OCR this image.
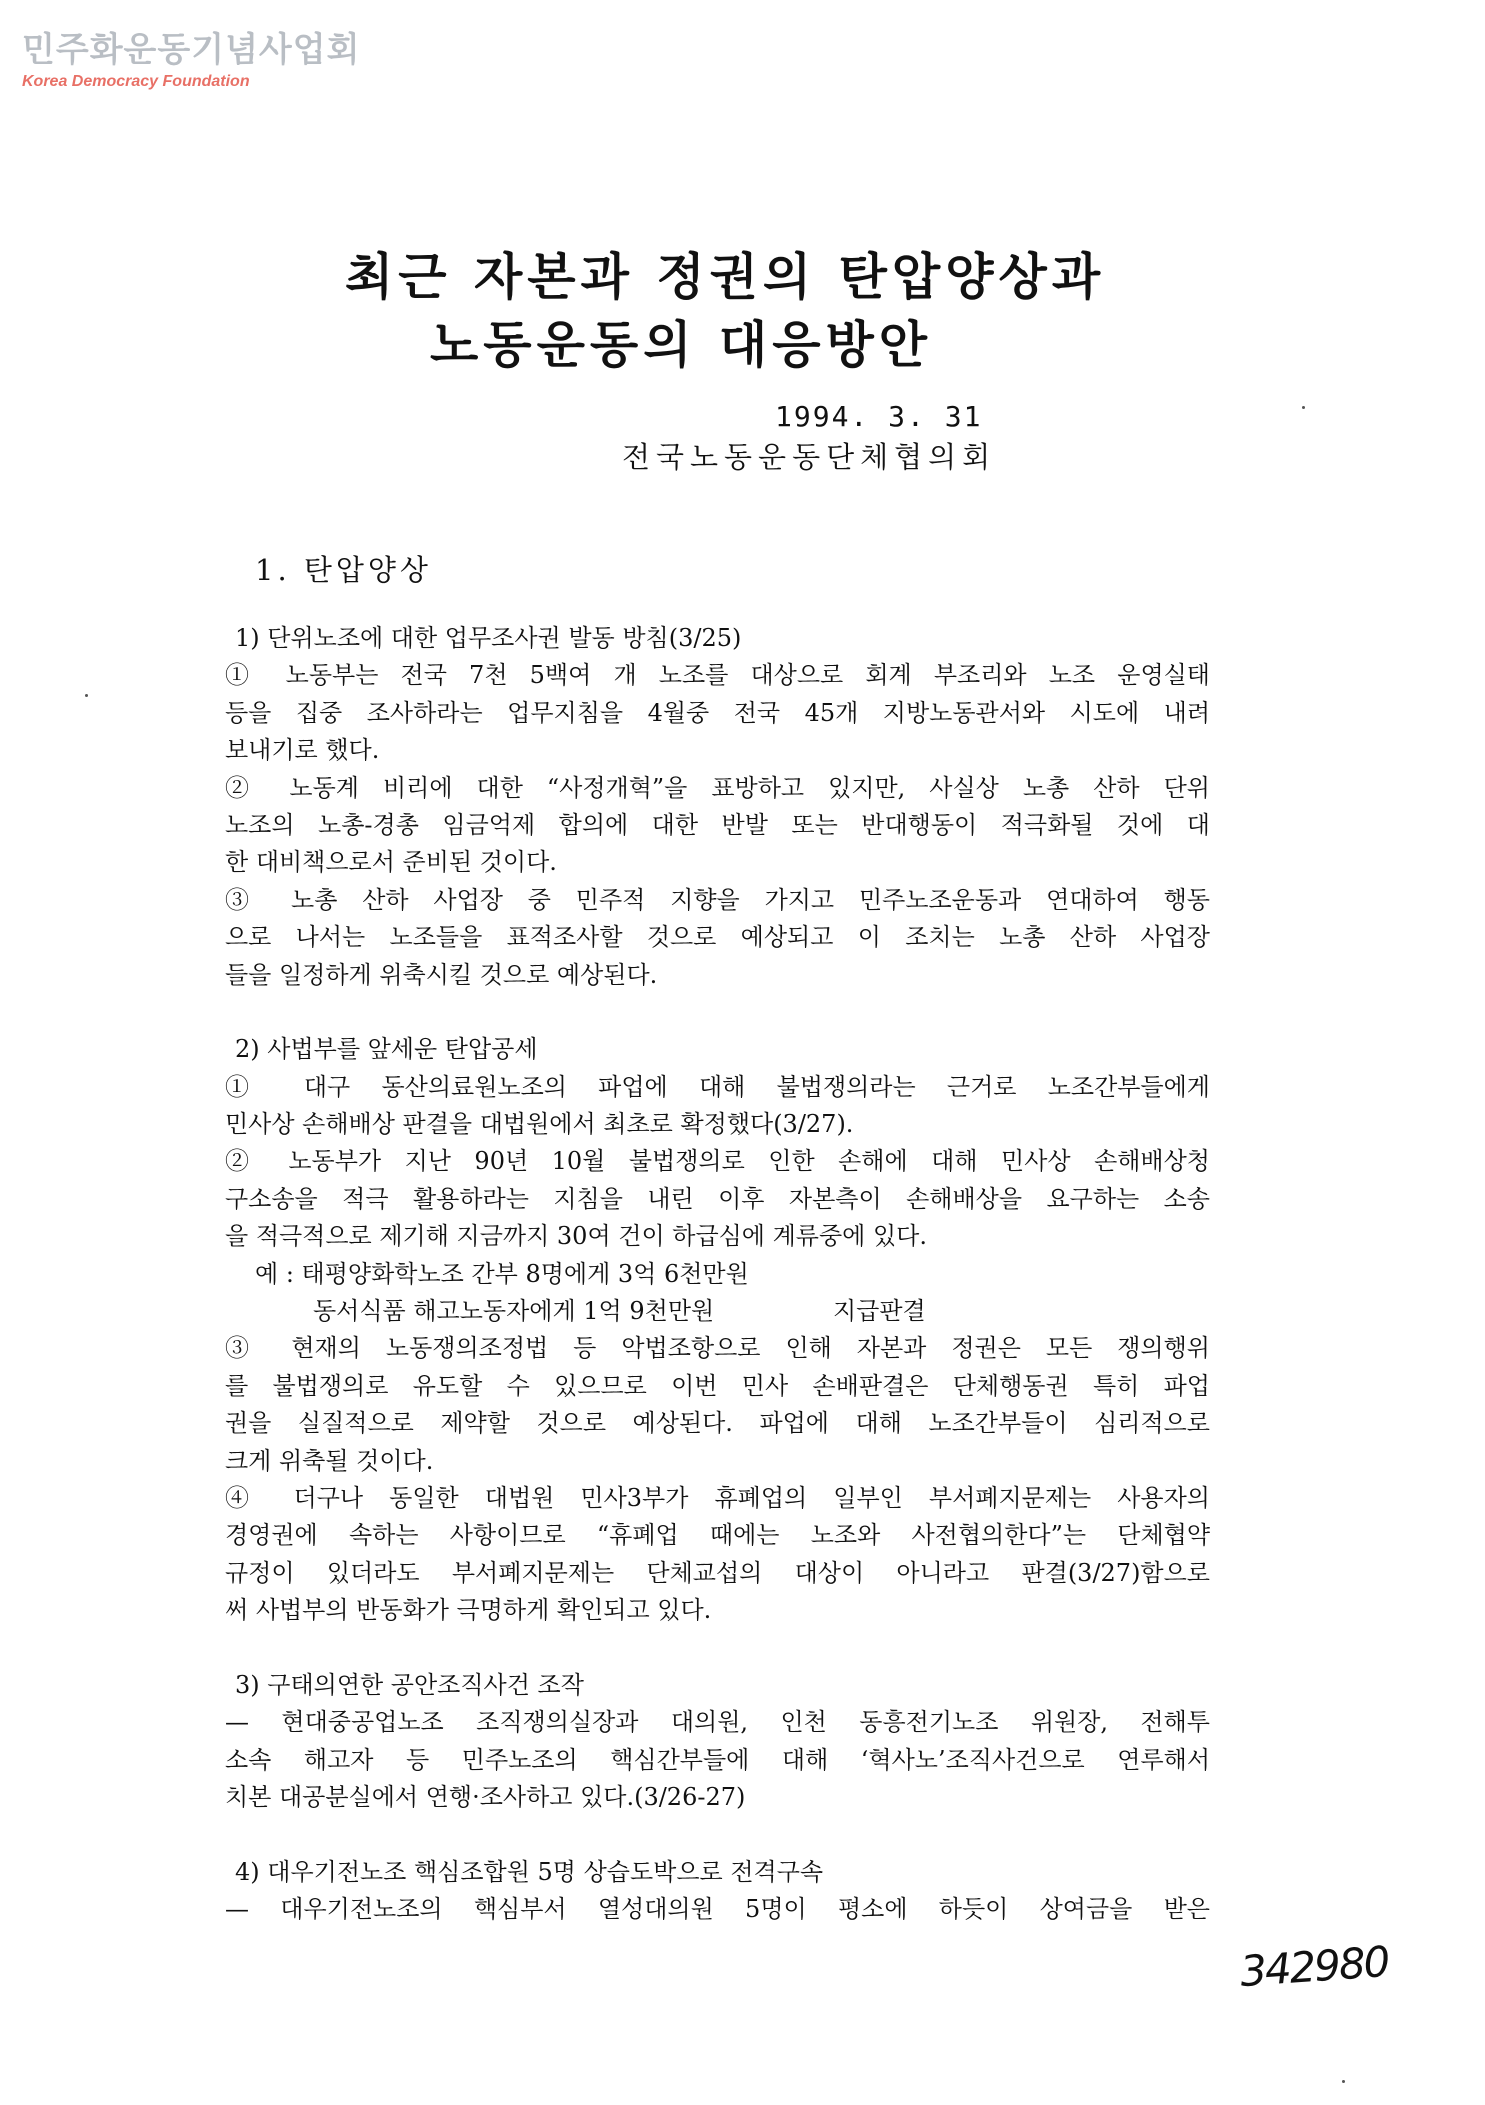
민주화운동기념사업회
Korea Democracy Foundation
최근 자본과 정권의 탄압양상과
노동운동의 대응방안
1994. 3. 31
전국노동운동단체협의회
1. 탄압양상
1) 단위노조에 대한 업무조사권 발동 방침(3/25)
① 노동부는 전국 7천 5백여 개 노조를 대상으로 회계 부조리와 노조 운영실태
등을 집중 조사하라는 업무지침을 4월중 전국 45개 지방노동관서와 시도에 내려
보내기로 했다.
② 노동계 비리에 대한 “사정개혁”을 표방하고 있지만, 사실상 노총 산하 단위
노조의 노총-경총 임금억제 합의에 대한 반발 또는 반대행동이 적극화될 것에 대
한 대비책으로서 준비된 것이다.
③ 노총 산하 사업장 중 민주적 지향을 가지고 민주노조운동과 연대하여 행동
으로 나서는 노조들을 표적조사할 것으로 예상되고 이 조치는 노총 산하 사업장
들을 일정하게 위축시킬 것으로 예상된다.
2) 사법부를 앞세운 탄압공세
① 대구 동산의료원노조의 파업에 대해 불법쟁의라는 근거로 노조간부들에게
민사상 손해배상 판결을 대법원에서 최초로 확정했다(3/27).
② 노동부가 지난 90년 10월 불법쟁의로 인한 손해에 대해 민사상 손해배상청
구소송을 적극 활용하라는 지침을 내린 이후 자본측이 손해배상을 요구하는 소송
을 적극적으로 제기해 지금까지 30여 건이 하급심에 계류중에 있다.
예 : 태평양화학노조 간부 8명에게 3억 6천만원
동서식품 해고노동자에게 1억 9천만원	지급판결
③ 현재의 노동쟁의조정법 등 악법조항으로 인해 자본과 정권은 모든 쟁의행위
를 불법쟁의로 유도할 수 있으므로 이번 민사 손배판결은 단체행동권 특히 파업
권을 실질적으로 제약할 것으로 예상된다. 파업에 대해 노조간부들이 심리적으로
크게 위축될 것이다.
④ 더구나 동일한 대법원 민사3부가 휴폐업의 일부인 부서폐지문제는 사용자의
경영권에 속하는 사항이므로 “휴폐업 때에는 노조와 사전협의한다”는 단체협약
규정이 있더라도 부서폐지문제는 단체교섭의 대상이 아니라고 판결(3/27)함으로
써 사법부의 반동화가 극명하게 확인되고 있다.
3) 구태의연한 공안조직사건 조작
— 현대중공업노조 조직쟁의실장과 대의원, 인천 동흥전기노조 위원장, 전해투
소속 해고자 등 민주노조의 핵심간부들에 대해 ‘혁사노’조직사건으로 연루해서
치본 대공분실에서 연행·조사하고 있다.(3/26-27)
4) 대우기전노조 핵심조합원 5명 상습도박으로 전격구속
— 대우기전노조의 핵심부서 열성대의원 5명이 평소에 하듯이 상여금을 받은
342980
